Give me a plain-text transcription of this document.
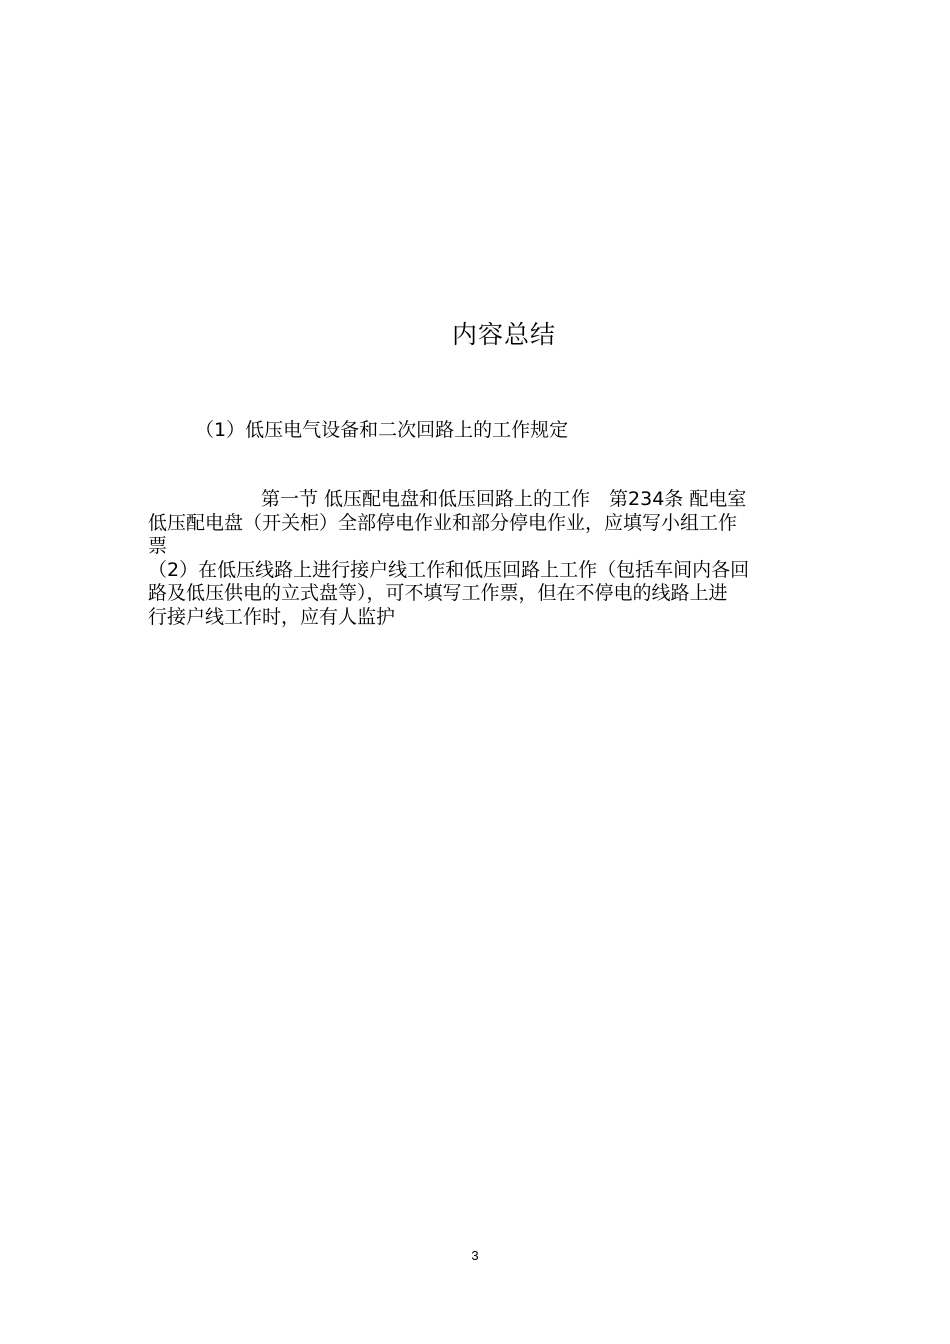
内容总结
（1）低压电气设备和二次回路上的工作规定

第一节 低压配电盘和低压回路上的工作　第234条 配电室

低压配电盘（开关柜）全部停电作业和部分停电作业，应填写小组工作

票

（2）在低压线路上进行接户线工作和低压回路上工作（包括车间内各回

路及低压供电的立式盘等），可不填写工作票，但在不停电的线路上进

行接户线工作时，应有人监护

3
